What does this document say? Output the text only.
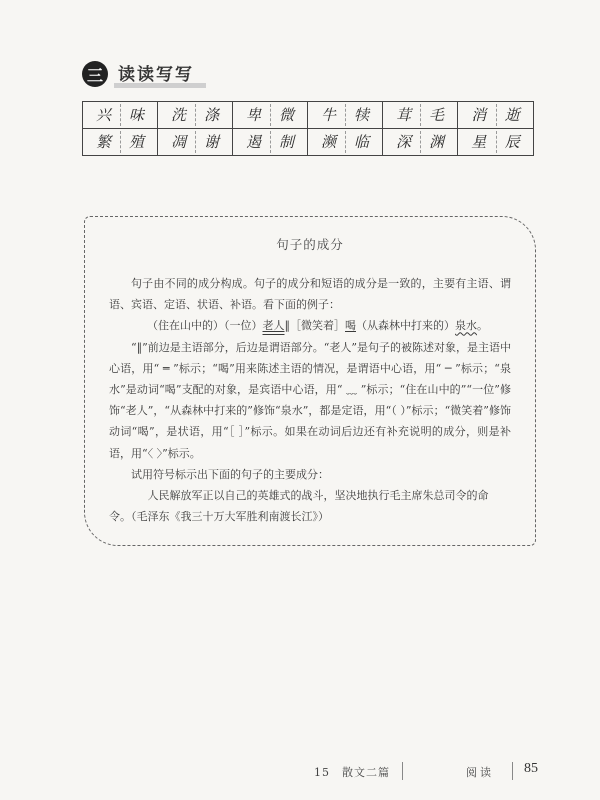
三 读读写写
兴 味 洗 涤 卑 微 牛 犊 茸 毛 消 逝
繁 殖 凋 谢 遏 制 濒 临 深 渊 星 辰
句子的成分

句子由不同的成分构成。句子的成分和短语的成分是一致的，主要有主语、谓语、宾语、定语、状语、补语。看下面的例子：

（住在山中的）（一位）老人‖［微笑着］喝（从森林中打来的）泉水。

“‖”前边是主语部分，后边是谓语部分。“老人”是句子的被陈述对象，是主语中心语，用“ ═ ”标示；“喝”用来陈述主语的情况，是谓语中心语，用“ ─ ”标示；“泉水”是动词“喝”支配的对象，是宾语中心语，用“ ﹏ ”标示；“住在山中的”“一位”修饰“老人”，“从森林中打来的”修饰“泉水”，都是定语，用“（ ）”标示；“微笑着”修饰动词“喝”，是状语，用“［ ］”标示。如果在动词后边还有补充说明的成分，则是补语，用“〈 〉”标示。

试用符号标示出下面的句子的主要成分：

人民解放军正以自己的英雄式的战斗，坚决地执行毛主席朱总司令的命
令。（毛泽东《我三十万大军胜利南渡长江》）

15　散文二篇	阅读 85
